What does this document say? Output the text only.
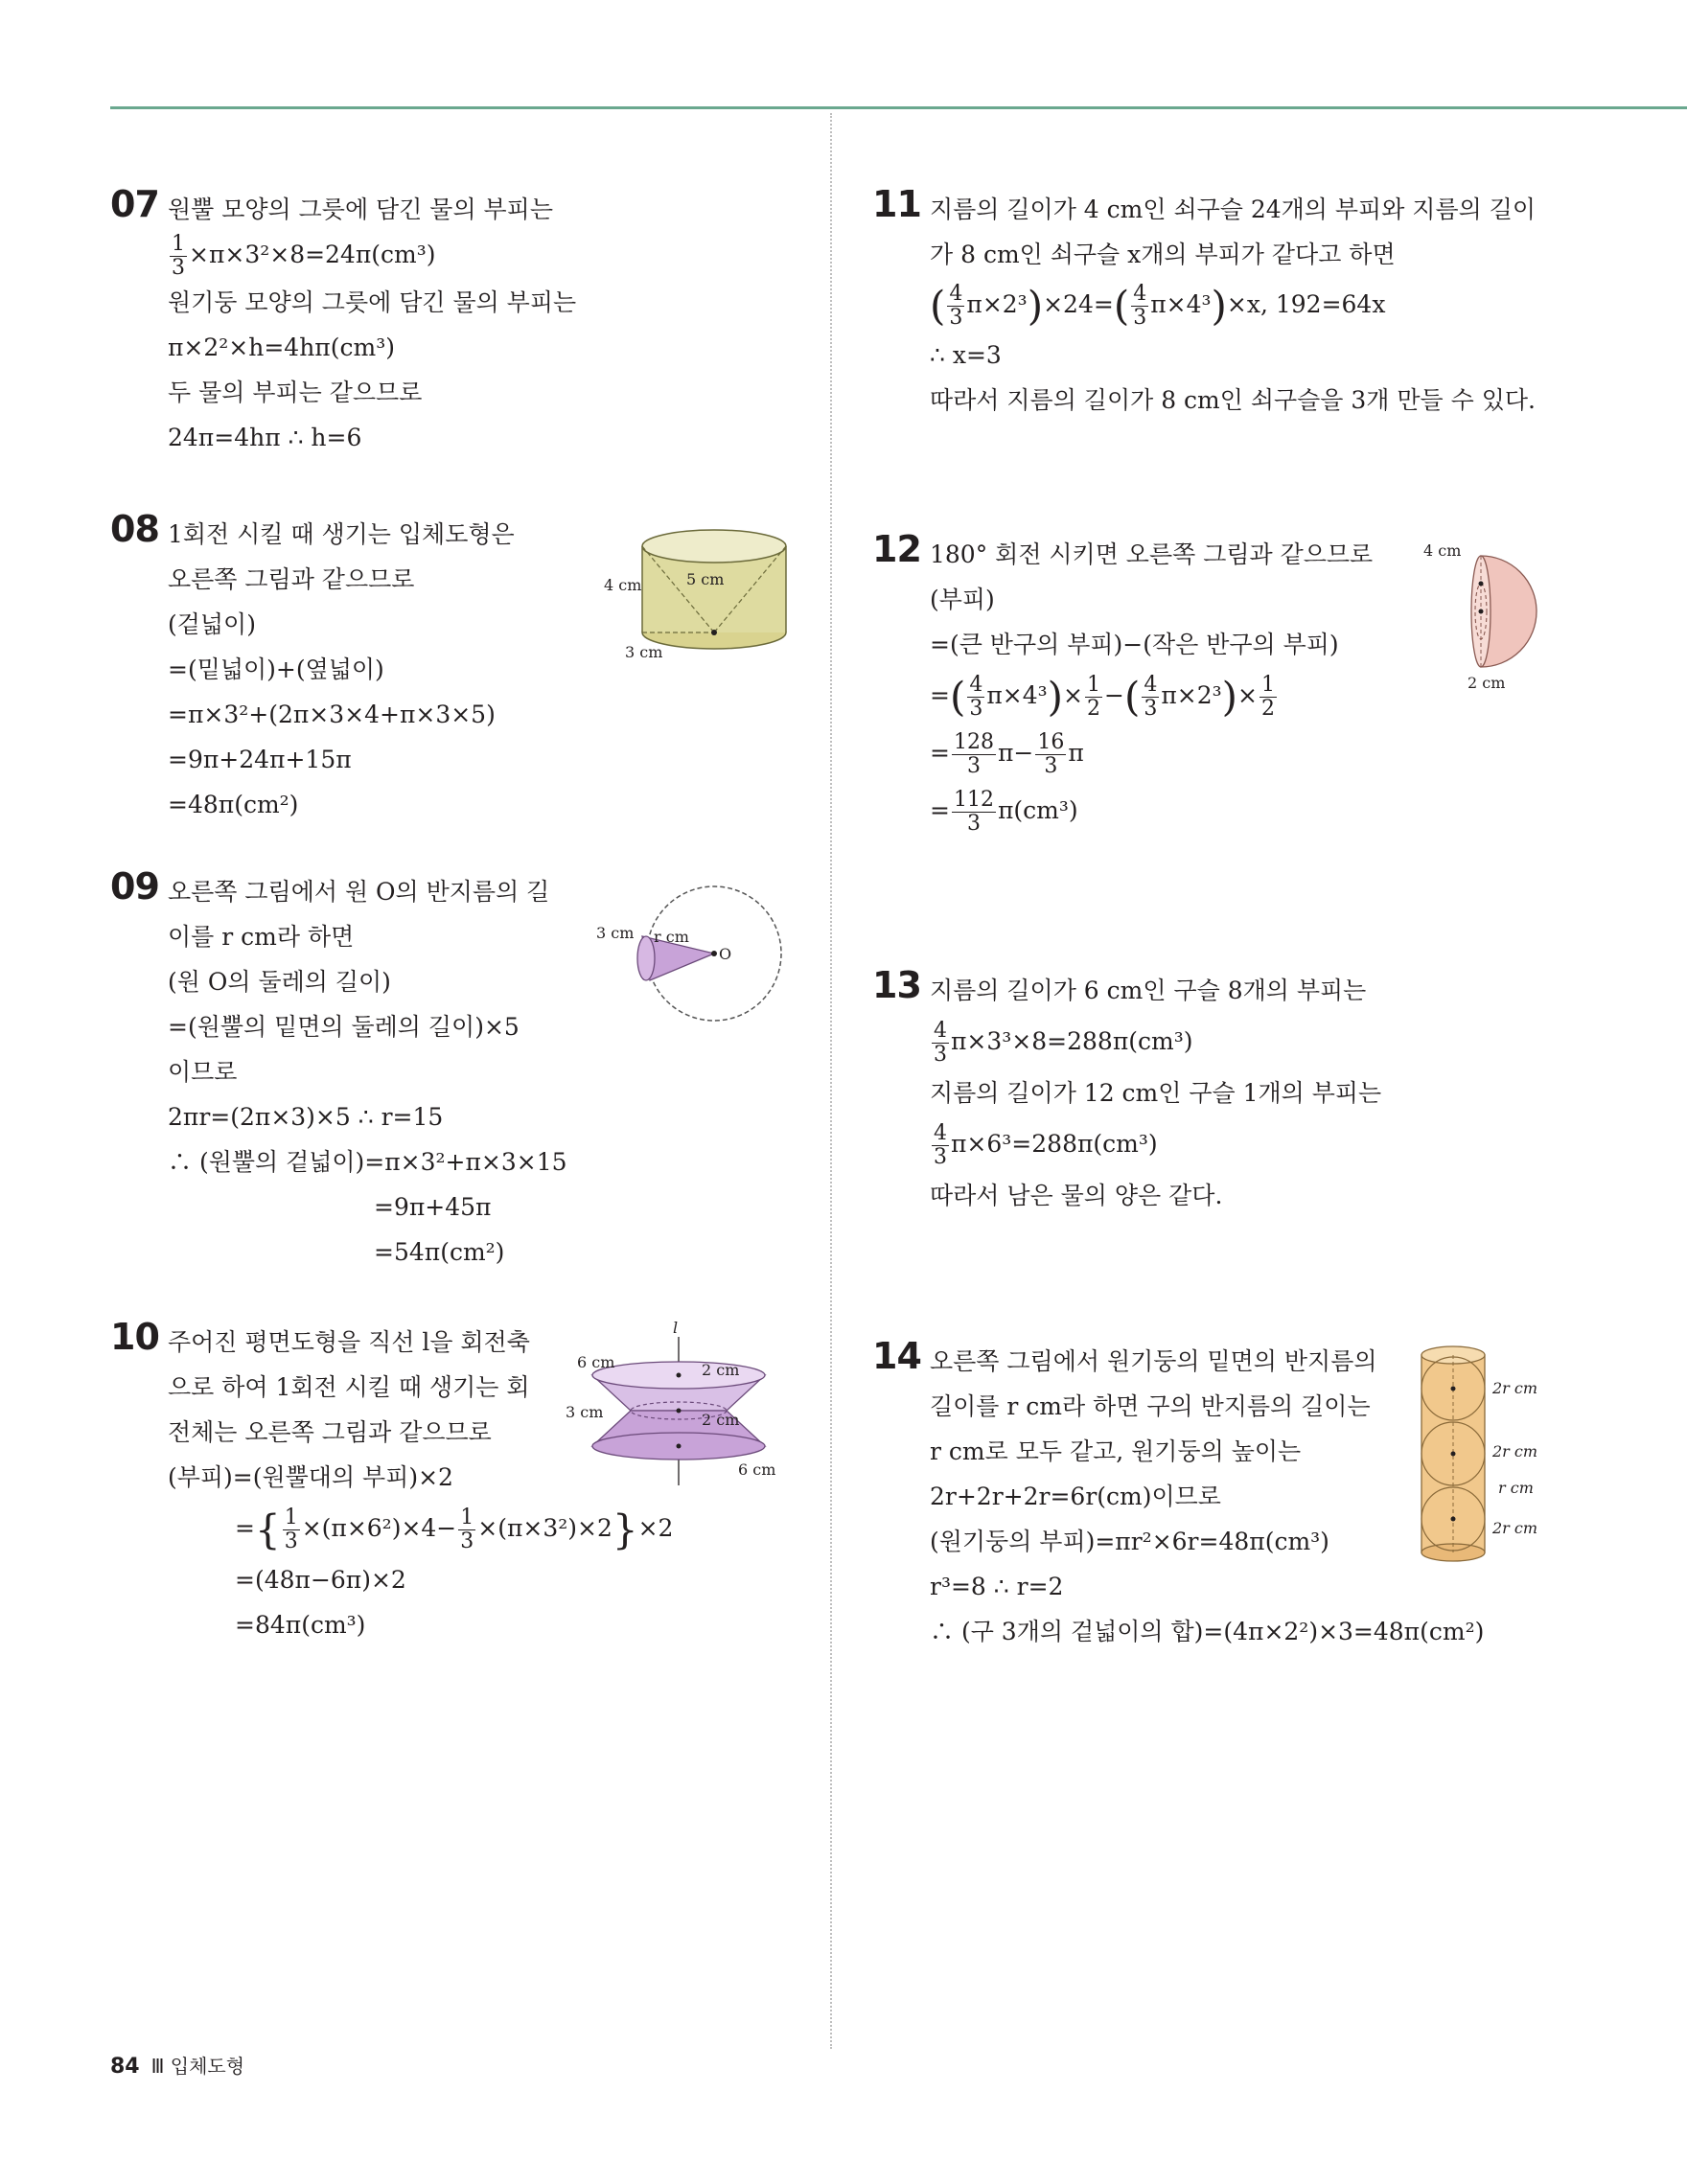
07 원뿔 모양의 그릇에 담긴 물의 부피는
$\frac{1}{3} \times\pi\times 3^2\times 8=24\pi(cm^3)$
원기둥 모양의 그릇에 담긴 물의 부피는
π×2²×h=4hπ(cm³)
두 물의 부피는 같으므로
24π=4hπ ∴ h=6
08 1회전 시킬 때 생기는 입체도형은
오른쪽 그림과 같으므로
(겉넓이)
=(밑넓이)+(옆넓이)
=π×3²+(2π×3×4+π×3×5)
=9π+24π+15π
=48π(cm²)
4 cm	5 cm
3 cm
09 오른쪽 그림에서 원 O의 반지름의 길
이를 r cm라 하면
(원 O의 둘레의 길이)
=(원뿔의 밑면의 둘레의 길이)×5
이므로
2πr=(2π×3)×5 ∴ r=15
∴ (원뿔의 겉넓이)=π×3²+π×3×15
=9π+45π
=54π(cm²)
3 cm r cm
O
10 주어진 평면도형을 직선 l을 회전축
으로 하여 1회전 시킬 때 생기는 회
전체는 오른쪽 그림과 같으므로
(부피)=(원뿔대의 부피)×2
={ $\frac{1}{3} \times(\pi\times 6^2)\times 4- \frac{1}{3} \times(\pi\times 3^2)\times 2\}\times 2$
=(48π−6π)×2
=84π(cm³)
l
6 cm	2 cm
3 cm	2 cm
6 cm
11 지름의 길이가 4 cm인 쇠구슬 24개의 부피와 지름의 길이
가 8 cm인 쇠구슬 x개의 부피가 같다고 하면
( $\frac{4}{3} \pi\times 2^3)\times 24=( \frac{4}{3} \pi\times 4^3)\times x$, 192=64x
∴ x=3
따라서 지름의 길이가 8 cm인 쇠구슬을 3개 만들 수 있다.
12 180° 회전 시키면 오른쪽 그림과 같으므로
(부피)
=(큰 반구의 부피)−(작은 반구의 부피)
=( $\frac{4}{3} \pi\times 4^3)\times \frac{1}{2}$ −( $\frac{4}{3} \pi\times 2^3)\times \frac{1}{2}$
= $\frac{128}{3} \pi- \frac{16}{3}$ π
= $\frac{112}{3} \pi(cm^3)$
4 cm
2 cm
13 지름의 길이가 6 cm인 구슬 8개의 부피는
$\frac{4}{3} \pi\times 3^3\times 8=288\pi(cm^3)$
지름의 길이가 12 cm인 구슬 1개의 부피는
$\frac{4}{3} \pi\times 6^3=288\pi(cm^3)$
따라서 남은 물의 양은 같다.
14 오른쪽 그림에서 원기둥의 밑면의 반지름의
길이를 r cm라 하면 구의 반지름의 길이는
r cm로 모두 같고, 원기둥의 높이는
2r+2r+2r=6r(cm)이므로
(원기둥의 부피)=πr²×6r=48π(cm³)
r³=8 ∴ r=2
∴ (구 3개의 겉넓이의 합)=(4π×2²)×3=48π(cm²)
2r cm
2r cm
r cm
2r cm
84 Ⅲ 입체도형
